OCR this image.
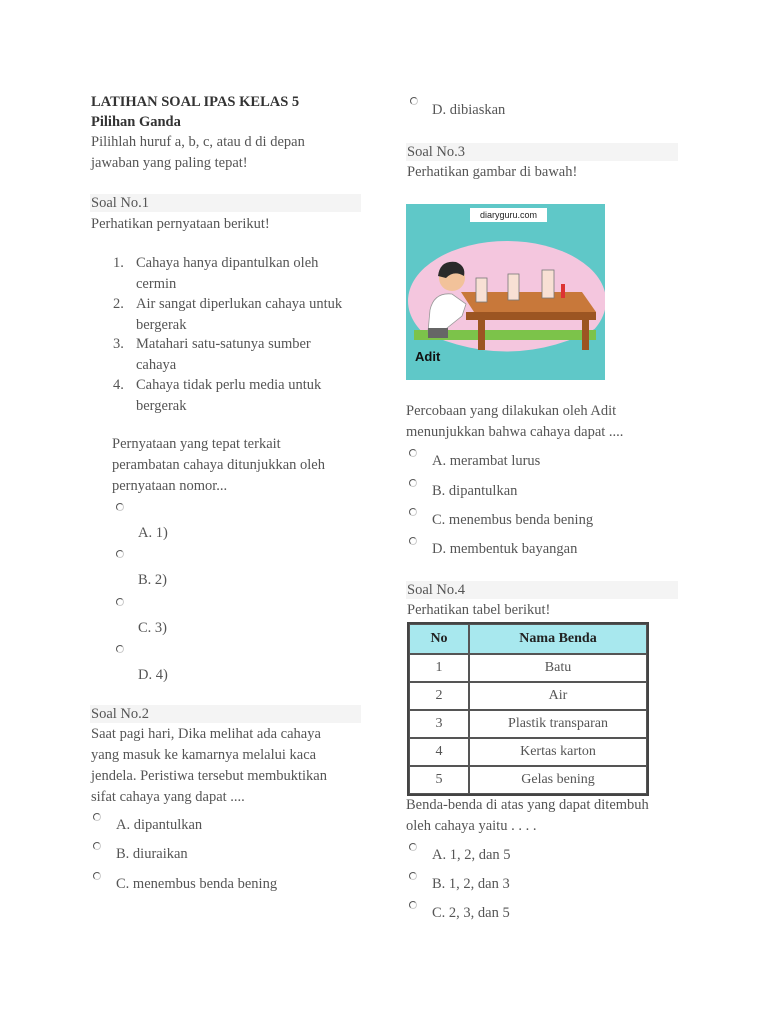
LATIHAN SOAL IPAS KELAS 5
Pilihan Ganda
Pilihlah huruf a, b, c, atau d di depan
jawaban yang paling tepat!
Soal No.1
Perhatikan pernyataan berikut!
1. Cahaya hanya dipantulkan oleh
cermin
2. Air sangat diperlukan cahaya untuk
bergerak
3. Matahari satu-satunya sumber
cahaya
4. Cahaya tidak perlu media untuk
bergerak
Pernyataan yang tepat terkait
perambatan cahaya ditunjukkan oleh
pernyataan nomor...
A. 1)
B. 2)
C. 3)
D. 4)
Soal No.2
Saat pagi hari, Dika melihat ada cahaya
yang masuk ke kamarnya melalui kaca
jendela. Peristiwa tersebut membuktikan
sifat cahaya yang dapat ....
A. dipantulkan
B. diuraikan
C. menembus benda bening
D. dibiaskan
Soal No.3
Perhatikan gambar di bawah!
diaryguru.com
Adit
Percobaan yang dilakukan oleh Adit
menunjukkan bahwa cahaya dapat ....
A. merambat lurus
B. dipantulkan
C. menembus benda bening
D. membentuk bayangan
Soal No.4
Perhatikan tabel berikut!
No	Nama Benda
1	Batu
2	Air
3	Plastik transparan
4	Kertas karton
5	Gelas bening
Benda-benda di atas yang dapat ditembuh
oleh cahaya yaitu . . . .
A. 1, 2, dan 5
B. 1, 2, dan 3
C. 2, 3, dan 5
